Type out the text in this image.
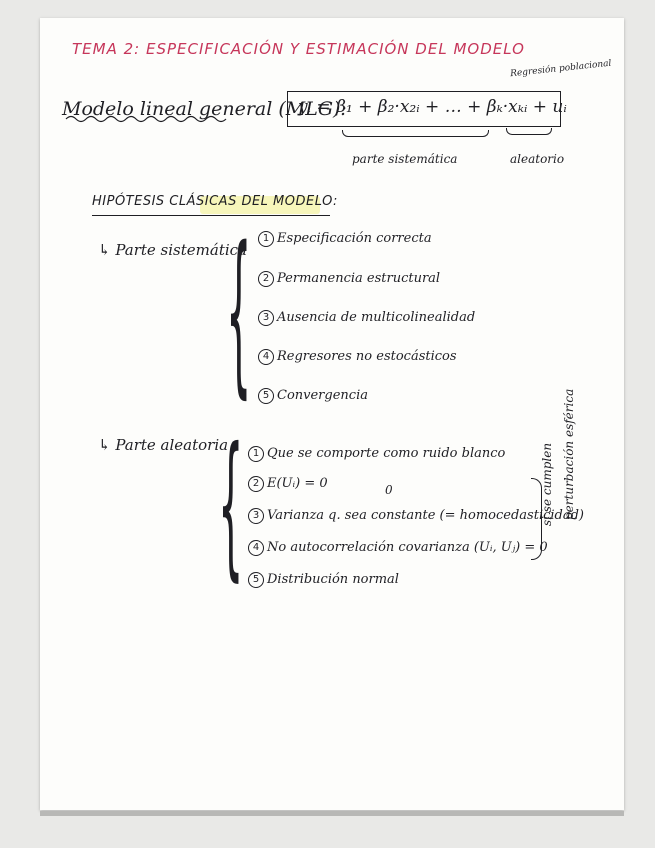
TEMA 2: ESPECIFICACIÓN Y ESTIMACIÓN DEL MODELO
Regresión poblacional
Modelo lineal general (MLG):
yᵢ = β₁ + β₂·x₂ᵢ + … + βₖ·xₖᵢ + uᵢ
parte sistemática	aleatorio
HIPÓTESIS CLÁSICAS DEL MODELO:
↳ Parte sistemática
{	1 Especificación correcta
2 Permanencia estructural
3 Ausencia de multicolinealidad
4 Regresores no estocásticos
5 Convergencia
↳ Parte aleatoria
{ 1 Que se comporte como ruido blanco
2 E(Uᵢ) = 0	0
3 Varianza q. sea constante (= homocedasticidad)
4 No autocorrelación covarianza (Uᵢ, Uⱼ) = 0
5 Distribución normal
si se cumplen perturbación esférica
